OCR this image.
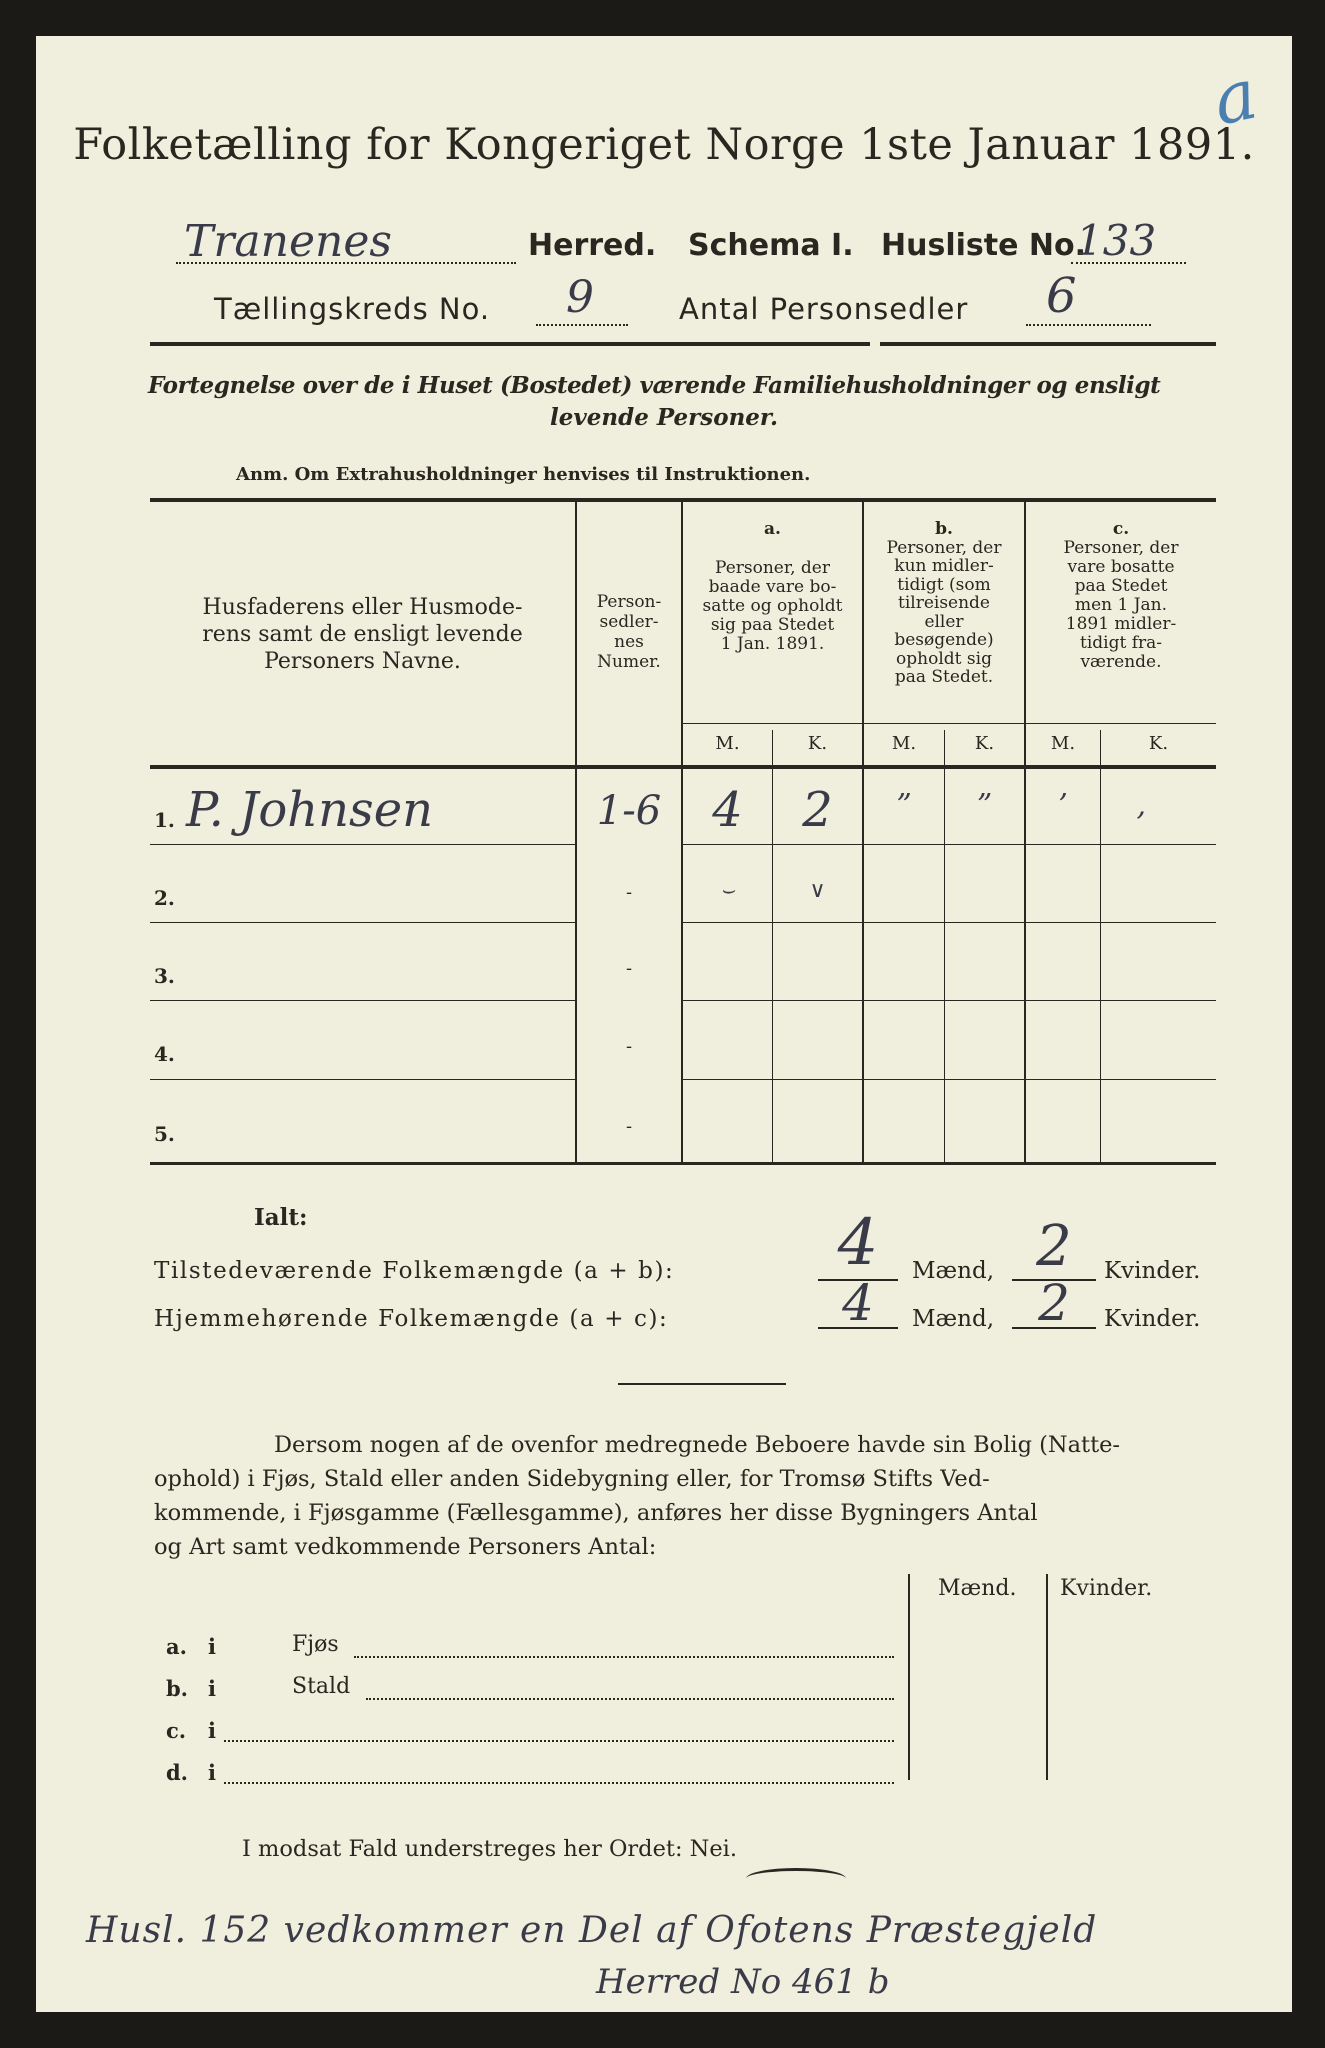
a
Folketælling for Kongeriget Norge 1ste Januar 1891.
Tranenes	Herred. Schema I. Husliste No.
133
Tællingskreds No. 9	Antal Personsedler 6
Fortegnelse over de i Huset (Bostedet) værende Familiehusholdninger og ensligt
levende Personer.
Anm. Om Extrahusholdninger henvises til Instruktionen.
Husfaderens eller Husmode-
rens samt de ensligt levende
Personers Navne.
Person-
sedler-
nes
Numer.
a.
Personer, der
baade vare bo-
satte og opholdt
sig paa Stedet
1 Jan. 1891.
b.
Personer, der
kun midler-
tidigt (som
tilreisende
eller
besøgende)
opholdt sig
paa Stedet.
c.
Personer, der
vare bosatte
paa Stedet
men 1 Jan.
1891 midler-
tidigt fra-
værende.
M.	K.	M.	K.	M.	K.
1. P. Johnsen	1-6	4	2	”	”	’	‚
2.	-	⌣	∨
3.	-
4.	-
5.	-
Ialt:
Tilstedeværende Folkemængde (a + b):	4	Mænd, 2	Kvinder.
Hjemmehørende Folkemængde (a + c):	4	Mænd, 2	Kvinder.
Dersom nogen af de ovenfor medregnede Beboere havde sin Bolig (Natte-
ophold) i Fjøs, Stald eller anden Sidebygning eller, for Tromsø Stifts Ved-
kommende, i Fjøsgamme (Fællesgamme), anføres her disse Bygningers Antal
og Art samt vedkommende Personers Antal:
Mænd. Kvinder.
a. i	Fjøs
b. i	Stald
c. i
d. i
I modsat Fald understreges her Ordet: Nei.
Husl. 152 vedkommer en Del af Ofotens Præstegjeld
Herred No 461 b
